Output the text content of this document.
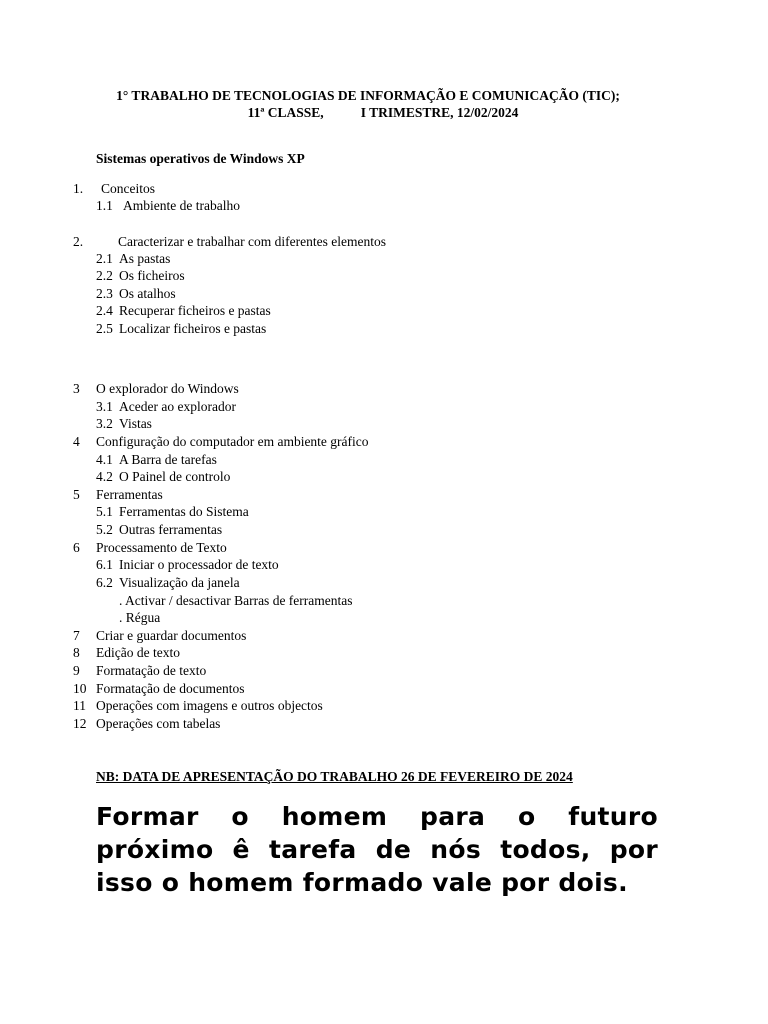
1° TRABALHO DE TECNOLOGIAS DE INFORMAÇÃO E COMUNICAÇÃO (TIC);
11ª CLASSE,           I TRIMESTRE, 12/02/2024
Sistemas operativos de Windows XP
1. Conceitos
1.1 Ambiente de trabalho
2.	Caracterizar e trabalhar com diferentes elementos
2.1 As pastas
2.2 Os ficheiros
2.3 Os atalhos
2.4 Recuperar ficheiros e pastas
2.5 Localizar ficheiros e pastas
3 O explorador do Windows
3.1 Aceder ao explorador
3.2 Vistas
4 Configuração do computador em ambiente gráfico
4.1 A Barra de tarefas
4.2 O Painel de controlo
5 Ferramentas
5.1 Ferramentas do Sistema
5.2 Outras ferramentas
6 Processamento de Texto
6.1 Iniciar o processador de texto
6.2 Visualização da janela
. Activar / desactivar Barras de ferramentas
. Régua
7 Criar e guardar documentos
8 Edição de texto
9 Formatação de texto
10 Formatação de documentos
11 Operações com imagens e outros objectos
12 Operações com tabelas
NB: DATA DE APRESENTAÇÃO DO TRABALHO 26 DE FEVEREIRO DE 2024
Formar o homem para o futuro próximo ê tarefa de nós todos, por isso o homem formado vale por dois.
